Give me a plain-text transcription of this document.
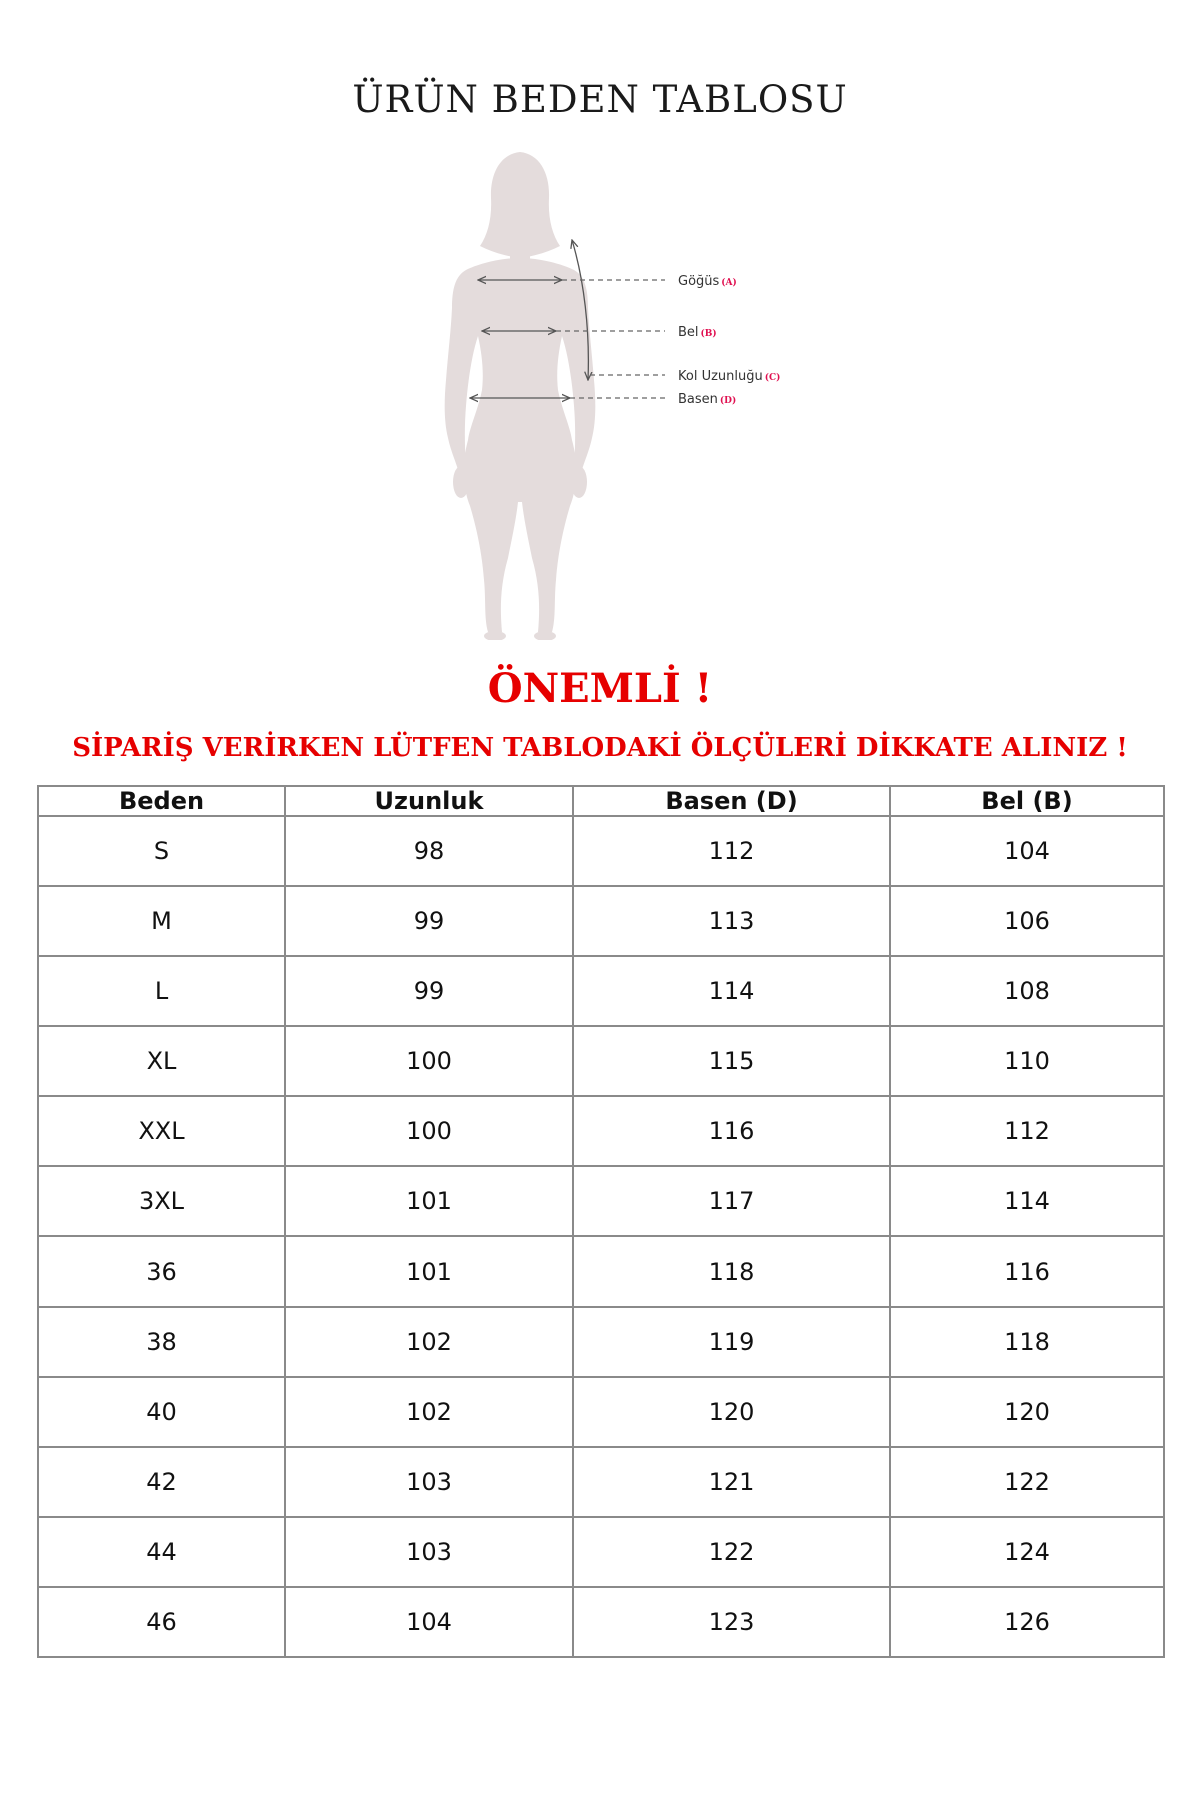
ÜRÜN BEDEN TABLOSU
Göğüs (A)
Bel (B)
Kol Uzunluğu (C)
Basen (D)
ÖNEMLİ !
SİPARİŞ VERİRKEN LÜTFEN TABLODAKİ ÖLÇÜLERİ DİKKATE ALINIZ !
Beden	Uzunluk	Basen (D)	Bel (B)
S	98	112	104
M	99	113	106
L	99	114	108
XL	100	115	110
XXL	100	116	112
3XL	101	117	114
36	101	118	116
38	102	119	118
40	102	120	120
42	103	121	122
44	103	122	124
46	104	123	126
